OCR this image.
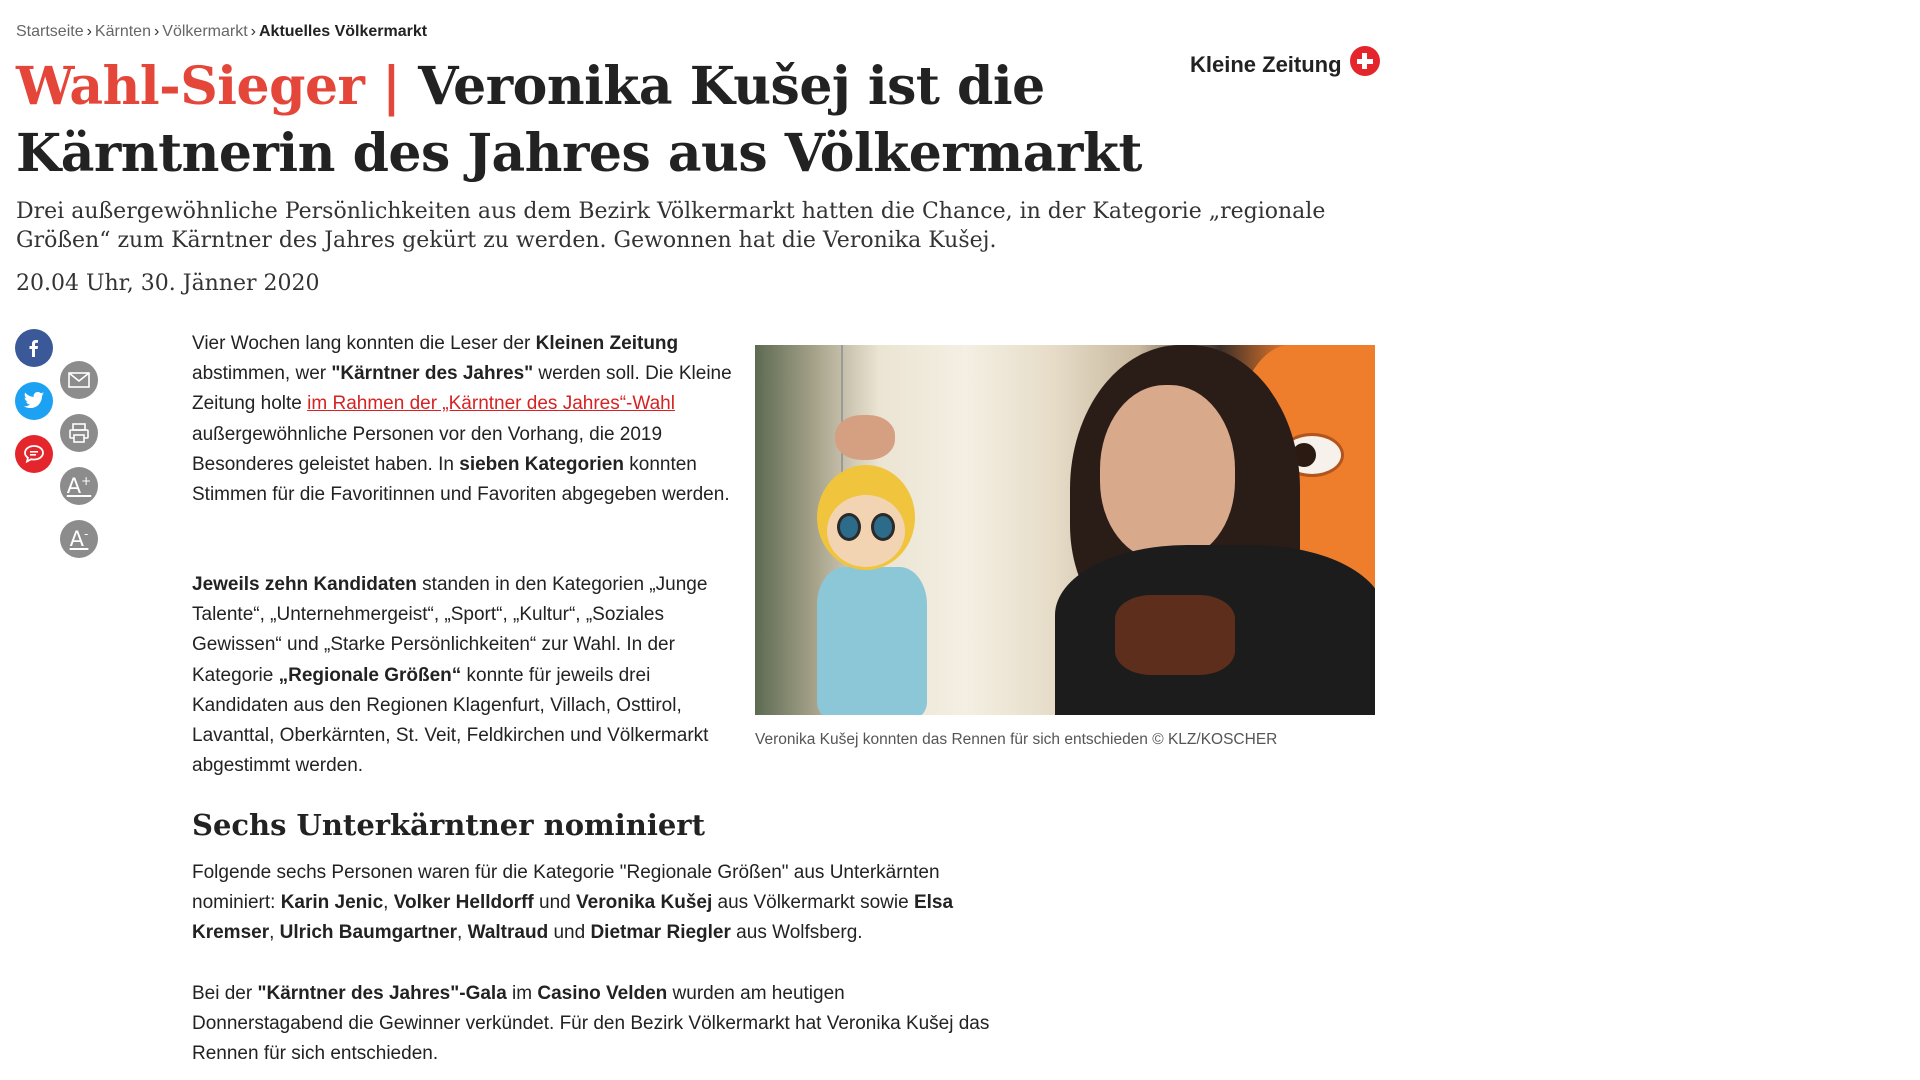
Startseite › Kärnten › Völkermarkt › Aktuelles Völkermarkt
Kleine Zeitung
Wahl-Sieger | Veronika Kušej ist die Kärntnerin des Jahres aus Völkermarkt

Drei außergewöhnliche Persönlichkeiten aus dem Bezirk Völkermarkt hatten die Chance, in der Kategorie „regionale Größen“ zum Kärntner des Jahres gekürt zu werden. Gewonnen hat die Veronika Kušej.

20.04 Uhr, 30. Jänner 2020
A+
A-

Vier Wochen lang konnten die Leser der Kleinen Zeitung abstimmen, wer "Kärntner des Jahres" werden soll. Die Kleine Zeitung holte im Rahmen der „Kärntner des Jahres“-Wahl außergewöhnliche Personen vor den Vorhang, die 2019 Besonderes geleistet haben. In sieben Kategorien konnten Stimmen für die Favoritinnen und Favoriten abgegeben werden.

Jeweils zehn Kandidaten standen in den Kategorien „Junge Talente“, „Unternehmergeist“, „Sport“, „Kultur“, „Soziales Gewissen“ und „Starke Persönlichkeiten“ zur Wahl. In der Kategorie „Regionale Größen“ konnte für jeweils drei Kandidaten aus den Regionen Klagenfurt, Villach, Osttirol, Lavanttal, Oberkärnten, St. Veit, Feldkirchen und Völkermarkt abgestimmt werden.

Veronika Kušej konnten das Rennen für sich entschieden © KLZ/KOSCHER
Sechs Unterkärntner nominiert

Folgende sechs Personen waren für die Kategorie "Regionale Größen" aus Unterkärnten nominiert: Karin Jenic, Volker Helldorff und Veronika Kušej aus Völkermarkt sowie Elsa Kremser, Ulrich Baumgartner, Waltraud und Dietmar Riegler aus Wolfsberg.

Bei der "Kärntner des Jahres"-Gala im Casino Velden wurden am heutigen Donnerstagabend die Gewinner verkündet. Für den Bezirk Völkermarkt hat Veronika Kušej das Rennen für sich entschieden.
